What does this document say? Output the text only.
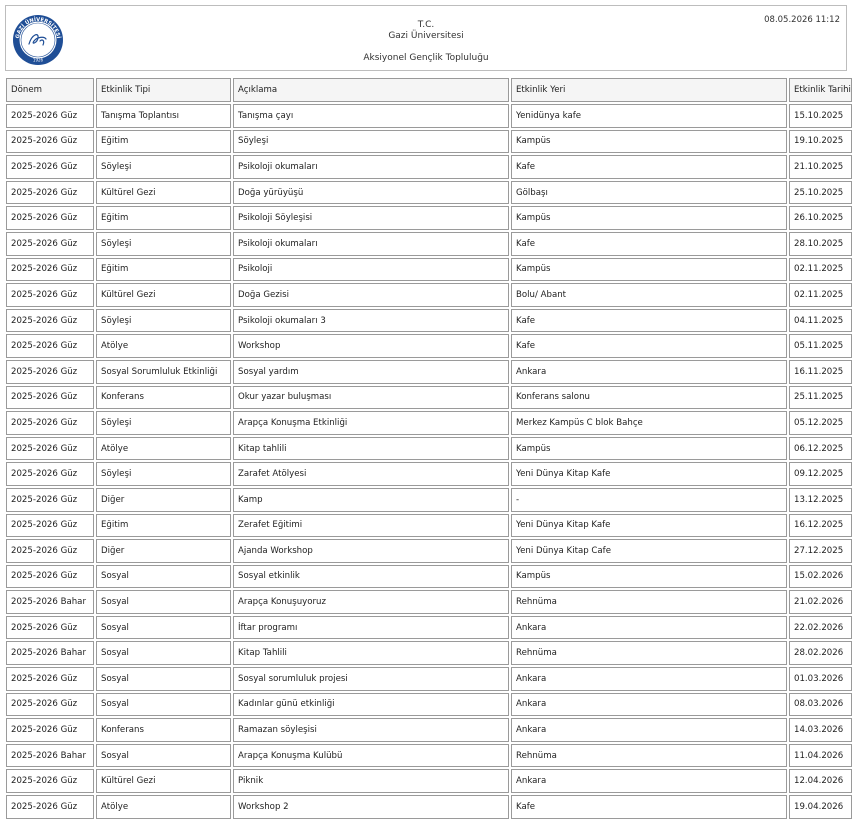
GAZİ ÜNİVERSİTESİ
1926
T.C.
Gazi Üniversitesi
Aksiyonel Gençlik Topluluğu
08.05.2026 11:12
Dönem	Etkinlik Tipi	Açıklama	Etkinlik Yeri	Etkinlik Tarihi
2025-2026 Güz	Tanışma Toplantısı	Tanışma çayı	Yenidünya kafe	15.10.2025
2025-2026 Güz	Eğitim	Söyleşi	Kampüs	19.10.2025
2025-2026 Güz	Söyleşi	Psikoloji okumaları	Kafe	21.10.2025
2025-2026 Güz	Kültürel Gezi	Doğa yürüyüşü	Gölbaşı	25.10.2025
2025-2026 Güz	Eğitim	Psikoloji Söyleşisi	Kampüs	26.10.2025
2025-2026 Güz	Söyleşi	Psikoloji okumaları	Kafe	28.10.2025
2025-2026 Güz	Eğitim	Psikoloji	Kampüs	02.11.2025
2025-2026 Güz	Kültürel Gezi	Doğa Gezisi	Bolu/ Abant	02.11.2025
2025-2026 Güz	Söyleşi	Psikoloji okumaları 3	Kafe	04.11.2025
2025-2026 Güz	Atölye	Workshop	Kafe	05.11.2025
2025-2026 Güz	Sosyal Sorumluluk Etkinliği	Sosyal yardım	Ankara	16.11.2025
2025-2026 Güz	Konferans	Okur yazar buluşması	Konferans salonu	25.11.2025
2025-2026 Güz	Söyleşi	Arapça Konuşma Etkinliği	Merkez Kampüs C blok Bahçe	05.12.2025
2025-2026 Güz	Atölye	Kitap tahlili	Kampüs	06.12.2025
2025-2026 Güz	Söyleşi	Zarafet Atölyesi	Yeni Dünya Kitap Kafe	09.12.2025
2025-2026 Güz	Diğer	Kamp	-	13.12.2025
2025-2026 Güz	Eğitim	Zerafet Eğitimi	Yeni Dünya Kitap Kafe	16.12.2025
2025-2026 Güz	Diğer	Ajanda Workshop	Yeni Dünya Kitap Cafe	27.12.2025
2025-2026 Güz	Sosyal	Sosyal etkinlik	Kampüs	15.02.2026
2025-2026 Bahar	Sosyal	Arapça Konuşuyoruz	Rehnüma	21.02.2026
2025-2026 Güz	Sosyal	İftar programı	Ankara	22.02.2026
2025-2026 Bahar	Sosyal	Kitap Tahlili	Rehnüma	28.02.2026
2025-2026 Güz	Sosyal	Sosyal sorumluluk projesi	Ankara	01.03.2026
2025-2026 Güz	Sosyal	Kadınlar günü etkinliği	Ankara	08.03.2026
2025-2026 Güz	Konferans	Ramazan söyleşisi	Ankara	14.03.2026
2025-2026 Bahar	Sosyal	Arapça Konuşma Kulübü	Rehnüma	11.04.2026
2025-2026 Güz	Kültürel Gezi	Piknik	Ankara	12.04.2026
2025-2026 Güz	Atölye	Workshop 2	Kafe	19.04.2026
